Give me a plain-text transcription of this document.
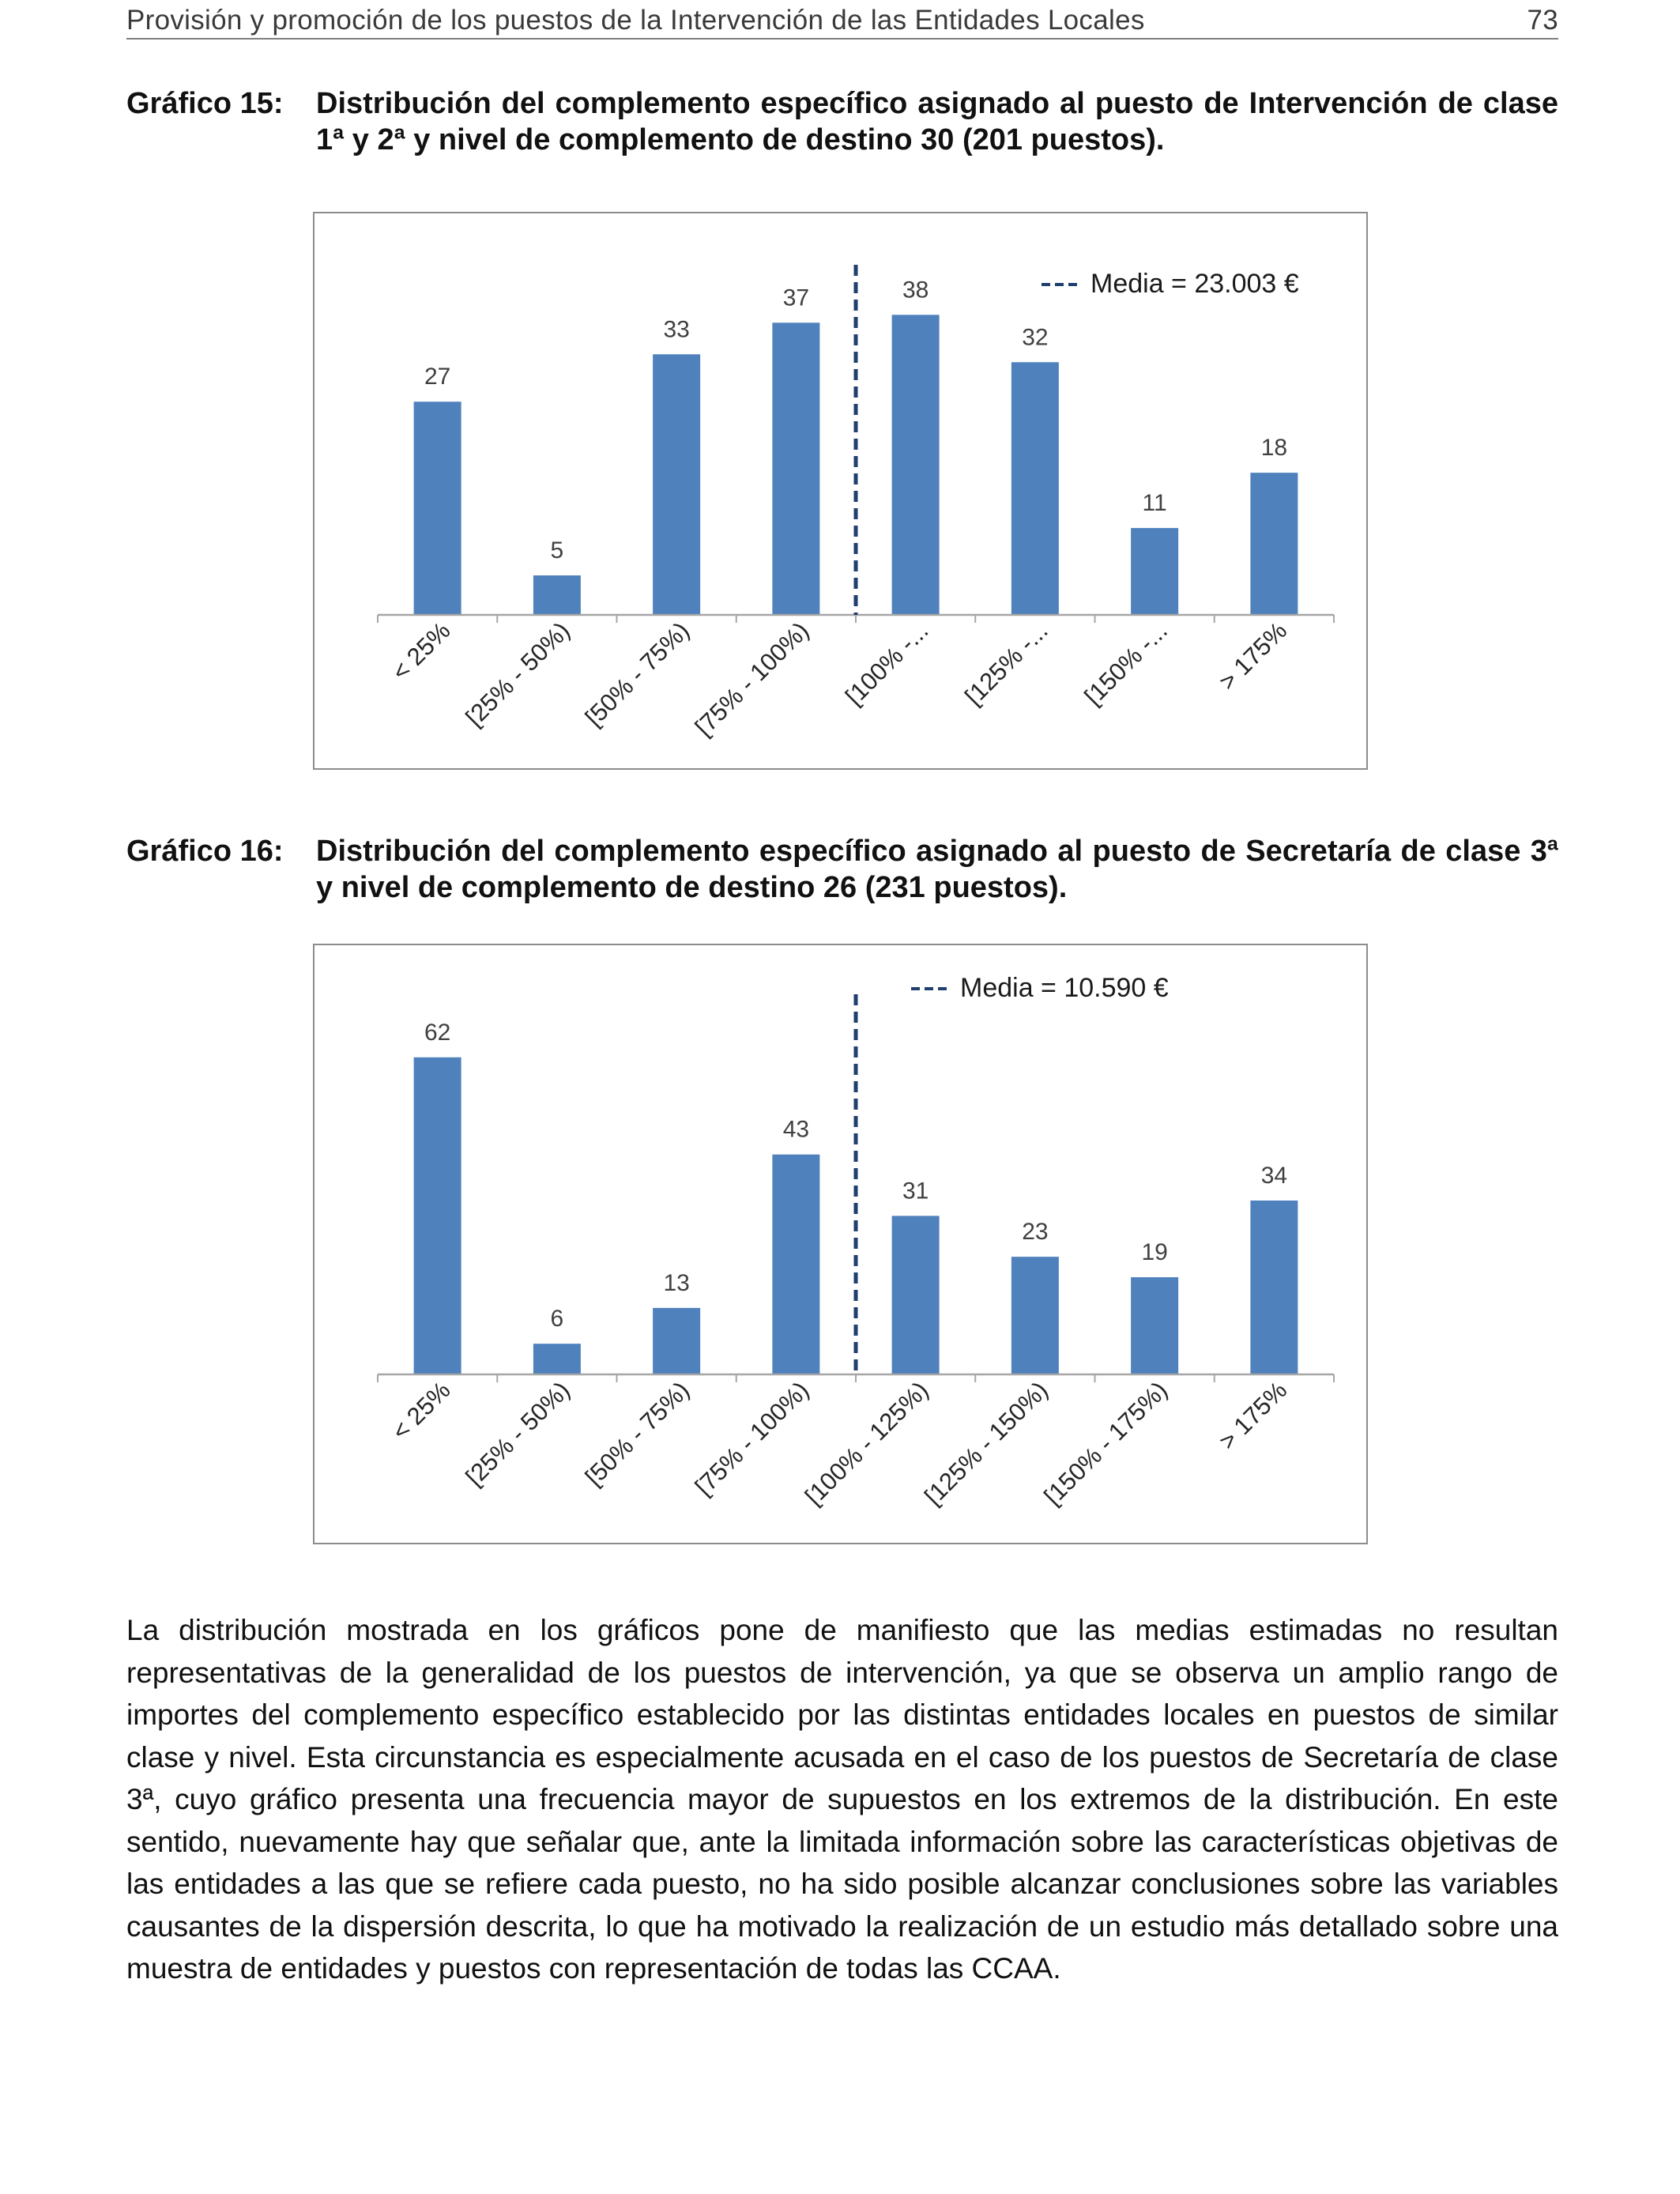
Provisión y promoción de los puestos de la Intervención de las Entidades Locales	73
Gráfico 15: Distribución del complemento específico asignado al puesto de Intervención de clase 1ª y 2ª y nivel de complemento de destino 30 (201 puestos).
27
5
33
37	38
32
11
18
< 25% [25% - 50%) [50% - 75%)
[75% - 100%) [100% -... [125% -... [150% -... > 175%
Media = 23.003 €
Gráfico 16: Distribución del complemento específico asignado al puesto de Secretaría de clase 3ª y nivel de complemento de destino 26 (231 puestos).
62
6
13
43
31
23
19
34
< 25% [25% - 50%) [50% - 75%)
[75% - 100%)
[100% - 125%)
[125% - 150%)
[150% - 175%) > 175%
Media = 10.590 €
La distribución mostrada en los gráficos pone de manifiesto que las medias estimadas no resultan representativas de la generalidad de los puestos de intervención, ya que se observa un amplio rango de importes del complemento específico establecido por las distintas entidades locales en puestos de similar clase y nivel. Esta circunstancia es especialmente acusada en el caso de los puestos de Secretaría de clase 3ª, cuyo gráfico presenta una frecuencia mayor de supuestos en los extremos de la distribución. En este sentido, nuevamente hay que señalar que, ante la limitada información sobre las características objetivas de las entidades a las que se refiere cada puesto, no ha sido posible alcanzar conclusiones sobre las variables causantes de la dispersión descrita, lo que ha motivado la realización de un estudio más detallado sobre una muestra de entidades y puestos con representación de todas las CCAA.
